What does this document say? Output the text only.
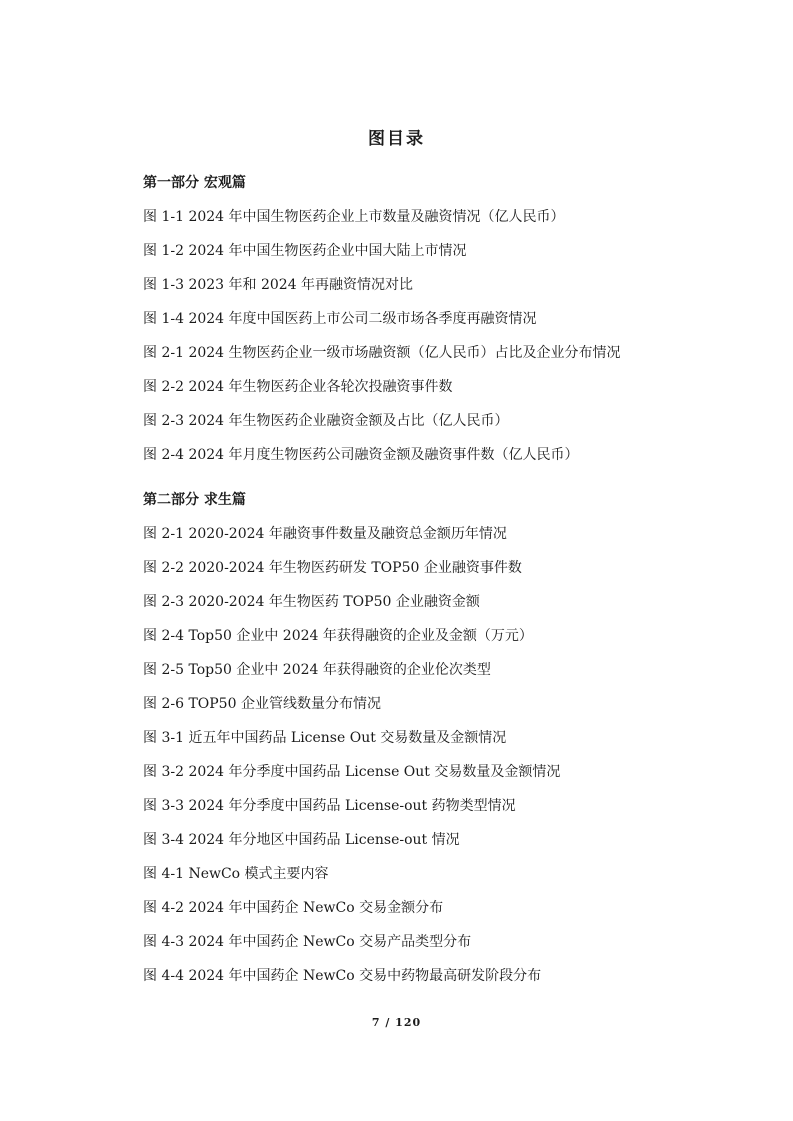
图目录
第一部分 宏观篇
图 1-1 2024 年中国生物医药企业上市数量及融资情况（亿人民币）
图 1-2 2024 年中国生物医药企业中国大陆上市情况
图 1-3 2023 年和 2024 年再融资情况对比
图 1-4 2024 年度中国医药上市公司二级市场各季度再融资情况
图 2-1 2024 生物医药企业一级市场融资额（亿人民币）占比及企业分布情况
图 2-2 2024 年生物医药企业各轮次投融资事件数
图 2-3 2024 年生物医药企业融资金额及占比（亿人民币）
图 2-4 2024 年月度生物医药公司融资金额及融资事件数（亿人民币）
第二部分 求生篇
图 2-1 2020-2024 年融资事件数量及融资总金额历年情况
图 2-2 2020-2024 年生物医药研发 TOP50 企业融资事件数
图 2-3 2020-2024 年生物医药 TOP50 企业融资金额
图 2-4 Top50 企业中 2024 年获得融资的企业及金额（万元）
图 2-5 Top50 企业中 2024 年获得融资的企业伦次类型
图 2-6 TOP50 企业管线数量分布情况
图 3-1 近五年中国药品 License Out 交易数量及金额情况
图 3-2 2024 年分季度中国药品 License Out 交易数量及金额情况
图 3-3 2024 年分季度中国药品 License-out 药物类型情况
图 3-4 2024 年分地区中国药品 License-out 情况
图 4-1 NewCo 模式主要内容
图 4-2 2024 年中国药企 NewCo 交易金额分布
图 4-3 2024 年中国药企 NewCo 交易产品类型分布
图 4-4 2024 年中国药企 NewCo 交易中药物最高研发阶段分布
7 / 120
